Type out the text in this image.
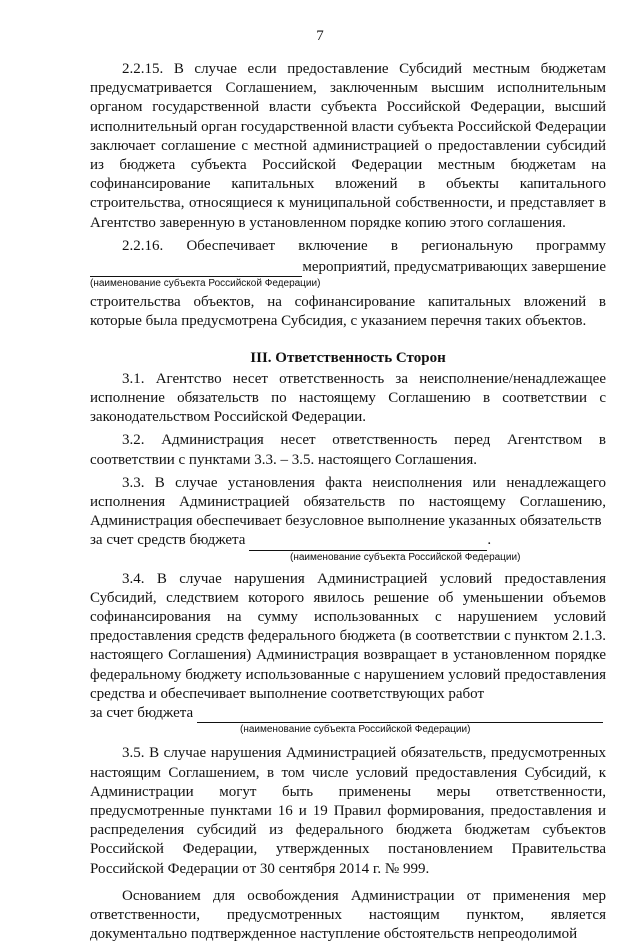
7

2.2.15. В случае если предоставление Субсидий местным бюджетам предусматривается Соглашением, заключенным высшим исполнительным органом государственной власти субъекта Российской Федерации, высший исполнительный орган государственной власти субъекта Российской Федерации заключает соглашение с местной администрацией о предоставлении субсидий из бюджета субъекта Российской Федерации местным бюджетам на софинансирование капитальных вложений в объекты капитального строительства, относящиеся к муниципальной собственности, и представляет в Агентство заверенную в установленном порядке копию этого соглашения.

2.2.16. Обеспечивает включение в региональную программу

мероприятий, предусматривающих завершение
(наименование субъекта Российской Федерации)

строительства объектов, на софинансирование капитальных вложений в которые была предусмотрена Субсидия, с указанием перечня таких объектов.

III. Ответственность Сторон

3.1. Агентство несет ответственность за неисполнение/ненадлежащее исполнение обязательств по настоящему Соглашению в соответствии с законодательством Российской Федерации.

3.2. Администрация несет ответственность перед Агентством в соответствии с пунктами 3.3. – 3.5. настоящего Соглашения.

3.3. В случае установления факта неисполнения или ненадлежащего исполнения Администрацией обязательств по настоящему Соглашению, Администрация обеспечивает безусловное выполнение указанных обязательств

за счет средств бюджета	.
(наименование субъекта Российской Федерации)

3.4. В случае нарушения Администрацией условий предоставления Субсидий, следствием которого явилось решение об уменьшении объемов софинансирования на сумму использованных с нарушением условий предоставления средств федерального бюджета (в соответствии с пунктом 2.1.3. настоящего Соглашения) Администрация возвращает в установленном порядке федеральному бюджету использованные с нарушением условий предоставления средства и обеспечивает выполнение соответствующих работ

за счет бюджета
(наименование субъекта Российской Федерации)

3.5. В случае нарушения Администрацией обязательств, предусмотренных настоящим Соглашением, в том числе условий предоставления Субсидий, к Администрации могут быть применены меры ответственности, предусмотренные пунктами 16 и 19 Правил формирования, предоставления и распределения субсидий из федерального бюджета бюджетам субъектов Российской Федерации, утвержденных постановлением Правительства Российской Федерации от 30 сентября 2014 г. № 999.

Основанием для освобождения Администрации от применения мер ответственности, предусмотренных настоящим пунктом, является документально подтвержденное наступление обстоятельств непреодолимой
